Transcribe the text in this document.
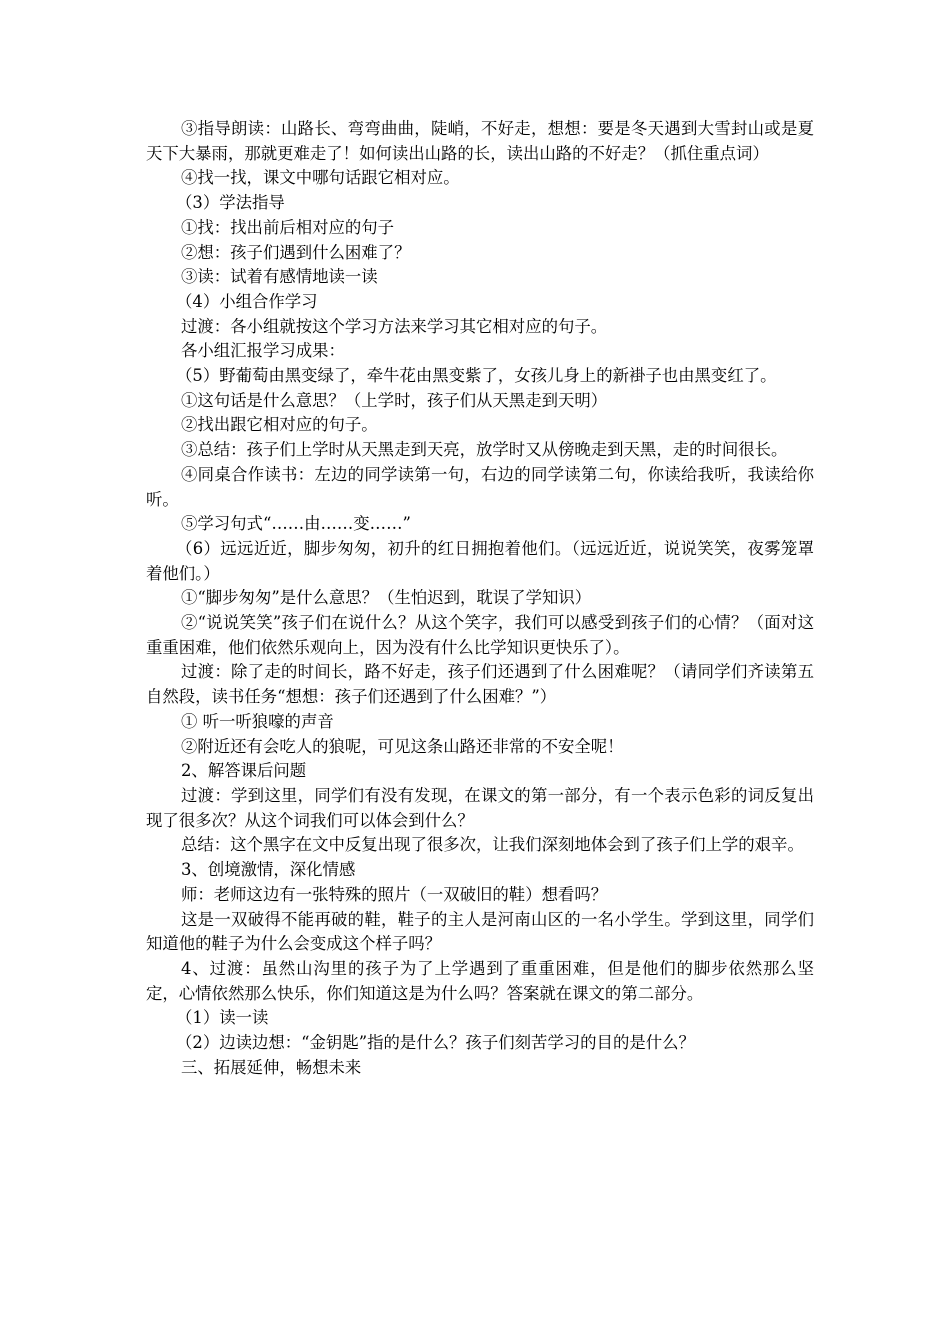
③指导朗读：山路长、弯弯曲曲，陡峭，不好走，想想：要是冬天遇到大雪封山或是夏天下大暴雨，那就更难走了！如何读出山路的长，读出山路的不好走？（抓住重点词）

④找一找，课文中哪句话跟它相对应。

（3）学法指导

①找：找出前后相对应的句子

②想：孩子们遇到什么困难了？

③读：试着有感情地读一读

（4）小组合作学习

过渡：各小组就按这个学习方法来学习其它相对应的句子。

各小组汇报学习成果：

（5）野葡萄由黑变绿了，牵牛花由黑变紫了，女孩儿身上的新褂子也由黑变红了。

①这句话是什么意思？（上学时，孩子们从天黑走到天明）

②找出跟它相对应的句子。

③总结：孩子们上学时从天黑走到天亮，放学时又从傍晚走到天黑，走的时间很长。

④同桌合作读书：左边的同学读第一句，右边的同学读第二句，你读给我听，我读给你听。

⑤学习句式“……由……变……”

（6）远远近近，脚步匆匆，初升的红日拥抱着他们。（远远近近，说说笑笑，夜雾笼罩着他们。）

①“脚步匆匆”是什么意思？（生怕迟到，耽误了学知识）

②“说说笑笑”孩子们在说什么？从这个笑字，我们可以感受到孩子们的心情？（面对这重重困难，他们依然乐观向上，因为没有什么比学知识更快乐了）。

过渡：除了走的时间长，路不好走，孩子们还遇到了什么困难呢？（请同学们齐读第五自然段，读书任务“想想：孩子们还遇到了什么困难？”）

① 听一听狼嚎的声音

②附近还有会吃人的狼呢，可见这条山路还非常的不安全呢！

2、解答课后问题

过渡：学到这里，同学们有没有发现，在课文的第一部分，有一个表示色彩的词反复出现了很多次？从这个词我们可以体会到什么？

总结：这个黑字在文中反复出现了很多次，让我们深刻地体会到了孩子们上学的艰辛。

3、创境激情，深化情感

师：老师这边有一张特殊的照片（一双破旧的鞋）想看吗？

这是一双破得不能再破的鞋，鞋子的主人是河南山区的一名小学生。学到这里，同学们知道他的鞋子为什么会变成这个样子吗？

4、过渡：虽然山沟里的孩子为了上学遇到了重重困难，但是他们的脚步依然那么坚定，心情依然那么快乐，你们知道这是为什么吗？答案就在课文的第二部分。

（1）读一读

（2）边读边想：“金钥匙”指的是什么？孩子们刻苦学习的目的是什么？

三、拓展延伸，畅想未来
